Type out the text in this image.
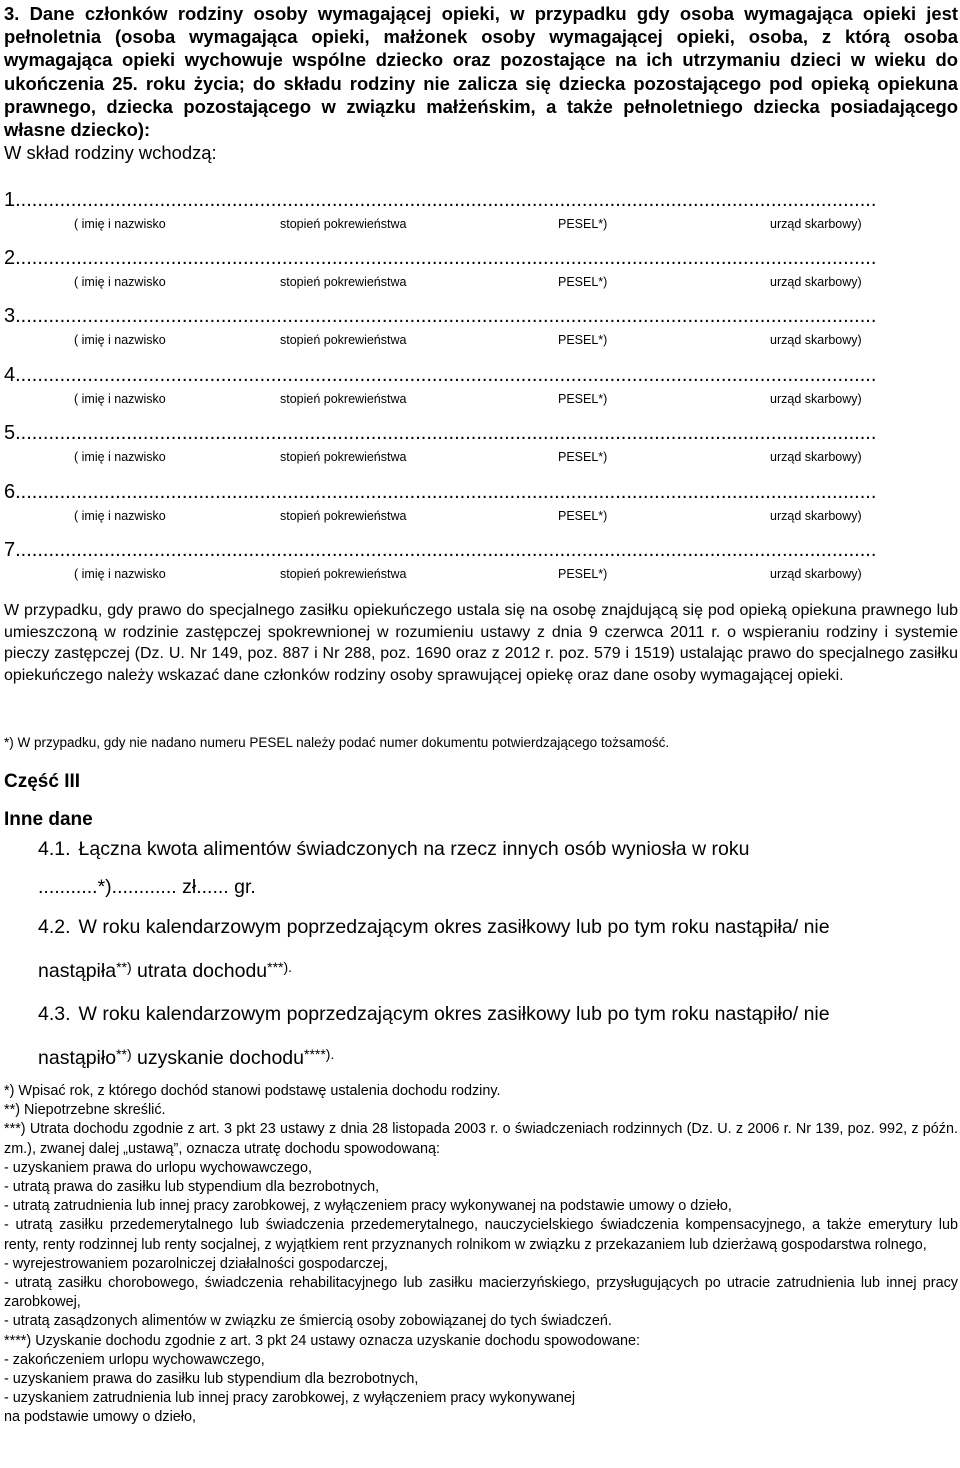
3. Dane członków rodziny osoby wymagającej opieki, w przypadku gdy osoba wymagająca opieki jest pełnoletnia (osoba wymagająca opieki, małżonek osoby wymagającej opieki, osoba, z którą osoba wymagająca opieki wychowuje wspólne dziecko oraz pozostające na ich utrzymaniu dzieci w wieku do ukończenia 25. roku życia; do składu rodziny nie zalicza się dziecka pozostającego pod opieką opiekuna prawnego, dziecka pozostającego w związku małżeńskim, a także pełnoletniego dziecka posiadającego własne dziecko):
W skład rodziny wchodzą:

1...........................................................................................................................................................
( imię i nazwisko	stopień pokrewieństwa	PESEL*)	urząd skarbowy)
2...........................................................................................................................................................
( imię i nazwisko	stopień pokrewieństwa	PESEL*)	urząd skarbowy)
3...........................................................................................................................................................
( imię i nazwisko	stopień pokrewieństwa	PESEL*)	urząd skarbowy)
4...........................................................................................................................................................
( imię i nazwisko	stopień pokrewieństwa	PESEL*)	urząd skarbowy)
5...........................................................................................................................................................
( imię i nazwisko	stopień pokrewieństwa	PESEL*)	urząd skarbowy)
6...........................................................................................................................................................
( imię i nazwisko	stopień pokrewieństwa	PESEL*)	urząd skarbowy)
7...........................................................................................................................................................
( imię i nazwisko	stopień pokrewieństwa	PESEL*)	urząd skarbowy)

W przypadku, gdy prawo do specjalnego zasiłku opiekuńczego ustala się na osobę znajdującą się pod opieką opiekuna prawnego lub umieszczoną w rodzinie zastępczej spokrewnionej w rozumieniu ustawy z dnia 9 czerwca 2011 r. o wspieraniu rodziny i systemie pieczy zastępczej (Dz. U. Nr 149, poz. 887 i Nr 288, poz. 1690 oraz z 2012 r. poz. 579 i 1519) ustalając prawo do specjalnego zasiłku opiekuńczego należy wskazać dane członków rodziny osoby sprawującej opiekę oraz dane osoby wymagającej opieki.

*) W przypadku, gdy nie nadano numeru PESEL należy podać numer dokumentu potwierdzającego tożsamość.
Część III
Inne dane
4.1. Łączna kwota alimentów świadczonych na rzecz innych osób wyniosła w roku
...........*)............ zł...... gr.
4.2. W roku kalendarzowym poprzedzającym okres zasiłkowy lub po tym roku nastąpiła/ nie
nastąpiła**) utrata dochodu***).
4.3. W roku kalendarzowym poprzedzającym okres zasiłkowy lub po tym roku nastąpiło/ nie
nastąpiło**) uzyskanie dochodu****).
*) Wpisać rok, z którego dochód stanowi podstawę ustalenia dochodu rodziny.
**) Niepotrzebne skreślić.
***) Utrata dochodu zgodnie z art. 3 pkt 23 ustawy z dnia 28 listopada 2003 r. o świadczeniach rodzinnych (Dz. U. z 2006 r. Nr 139, poz. 992, z późn. zm.), zwanej dalej „ustawą”, oznacza utratę dochodu spowodowaną:
- uzyskaniem prawa do urlopu wychowawczego,
- utratą prawa do zasiłku lub stypendium dla bezrobotnych,
- utratą zatrudnienia lub innej pracy zarobkowej, z wyłączeniem pracy wykonywanej na podstawie umowy o dzieło,
- utratą zasiłku przedemerytalnego lub świadczenia przedemerytalnego, nauczycielskiego świadczenia kompensacyjnego, a także emerytury lub renty, renty rodzinnej lub renty socjalnej, z wyjątkiem rent przyznanych rolnikom w związku z przekazaniem lub dzierżawą gospodarstwa rolnego,
- wyrejestrowaniem pozarolniczej działalności gospodarczej,
- utratą zasiłku chorobowego, świadczenia rehabilitacyjnego lub zasiłku macierzyńskiego, przysługujących po utracie zatrudnienia lub innej pracy zarobkowej,
- utratą zasądzonych alimentów w związku ze śmiercią osoby zobowiązanej do tych świadczeń.
****) Uzyskanie dochodu zgodnie z art. 3 pkt 24 ustawy oznacza uzyskanie dochodu spowodowane:
- zakończeniem urlopu wychowawczego,
- uzyskaniem prawa do zasiłku lub stypendium dla bezrobotnych,
- uzyskaniem zatrudnienia lub innej pracy zarobkowej, z wyłączeniem pracy wykonywanej
na podstawie umowy o dzieło,
